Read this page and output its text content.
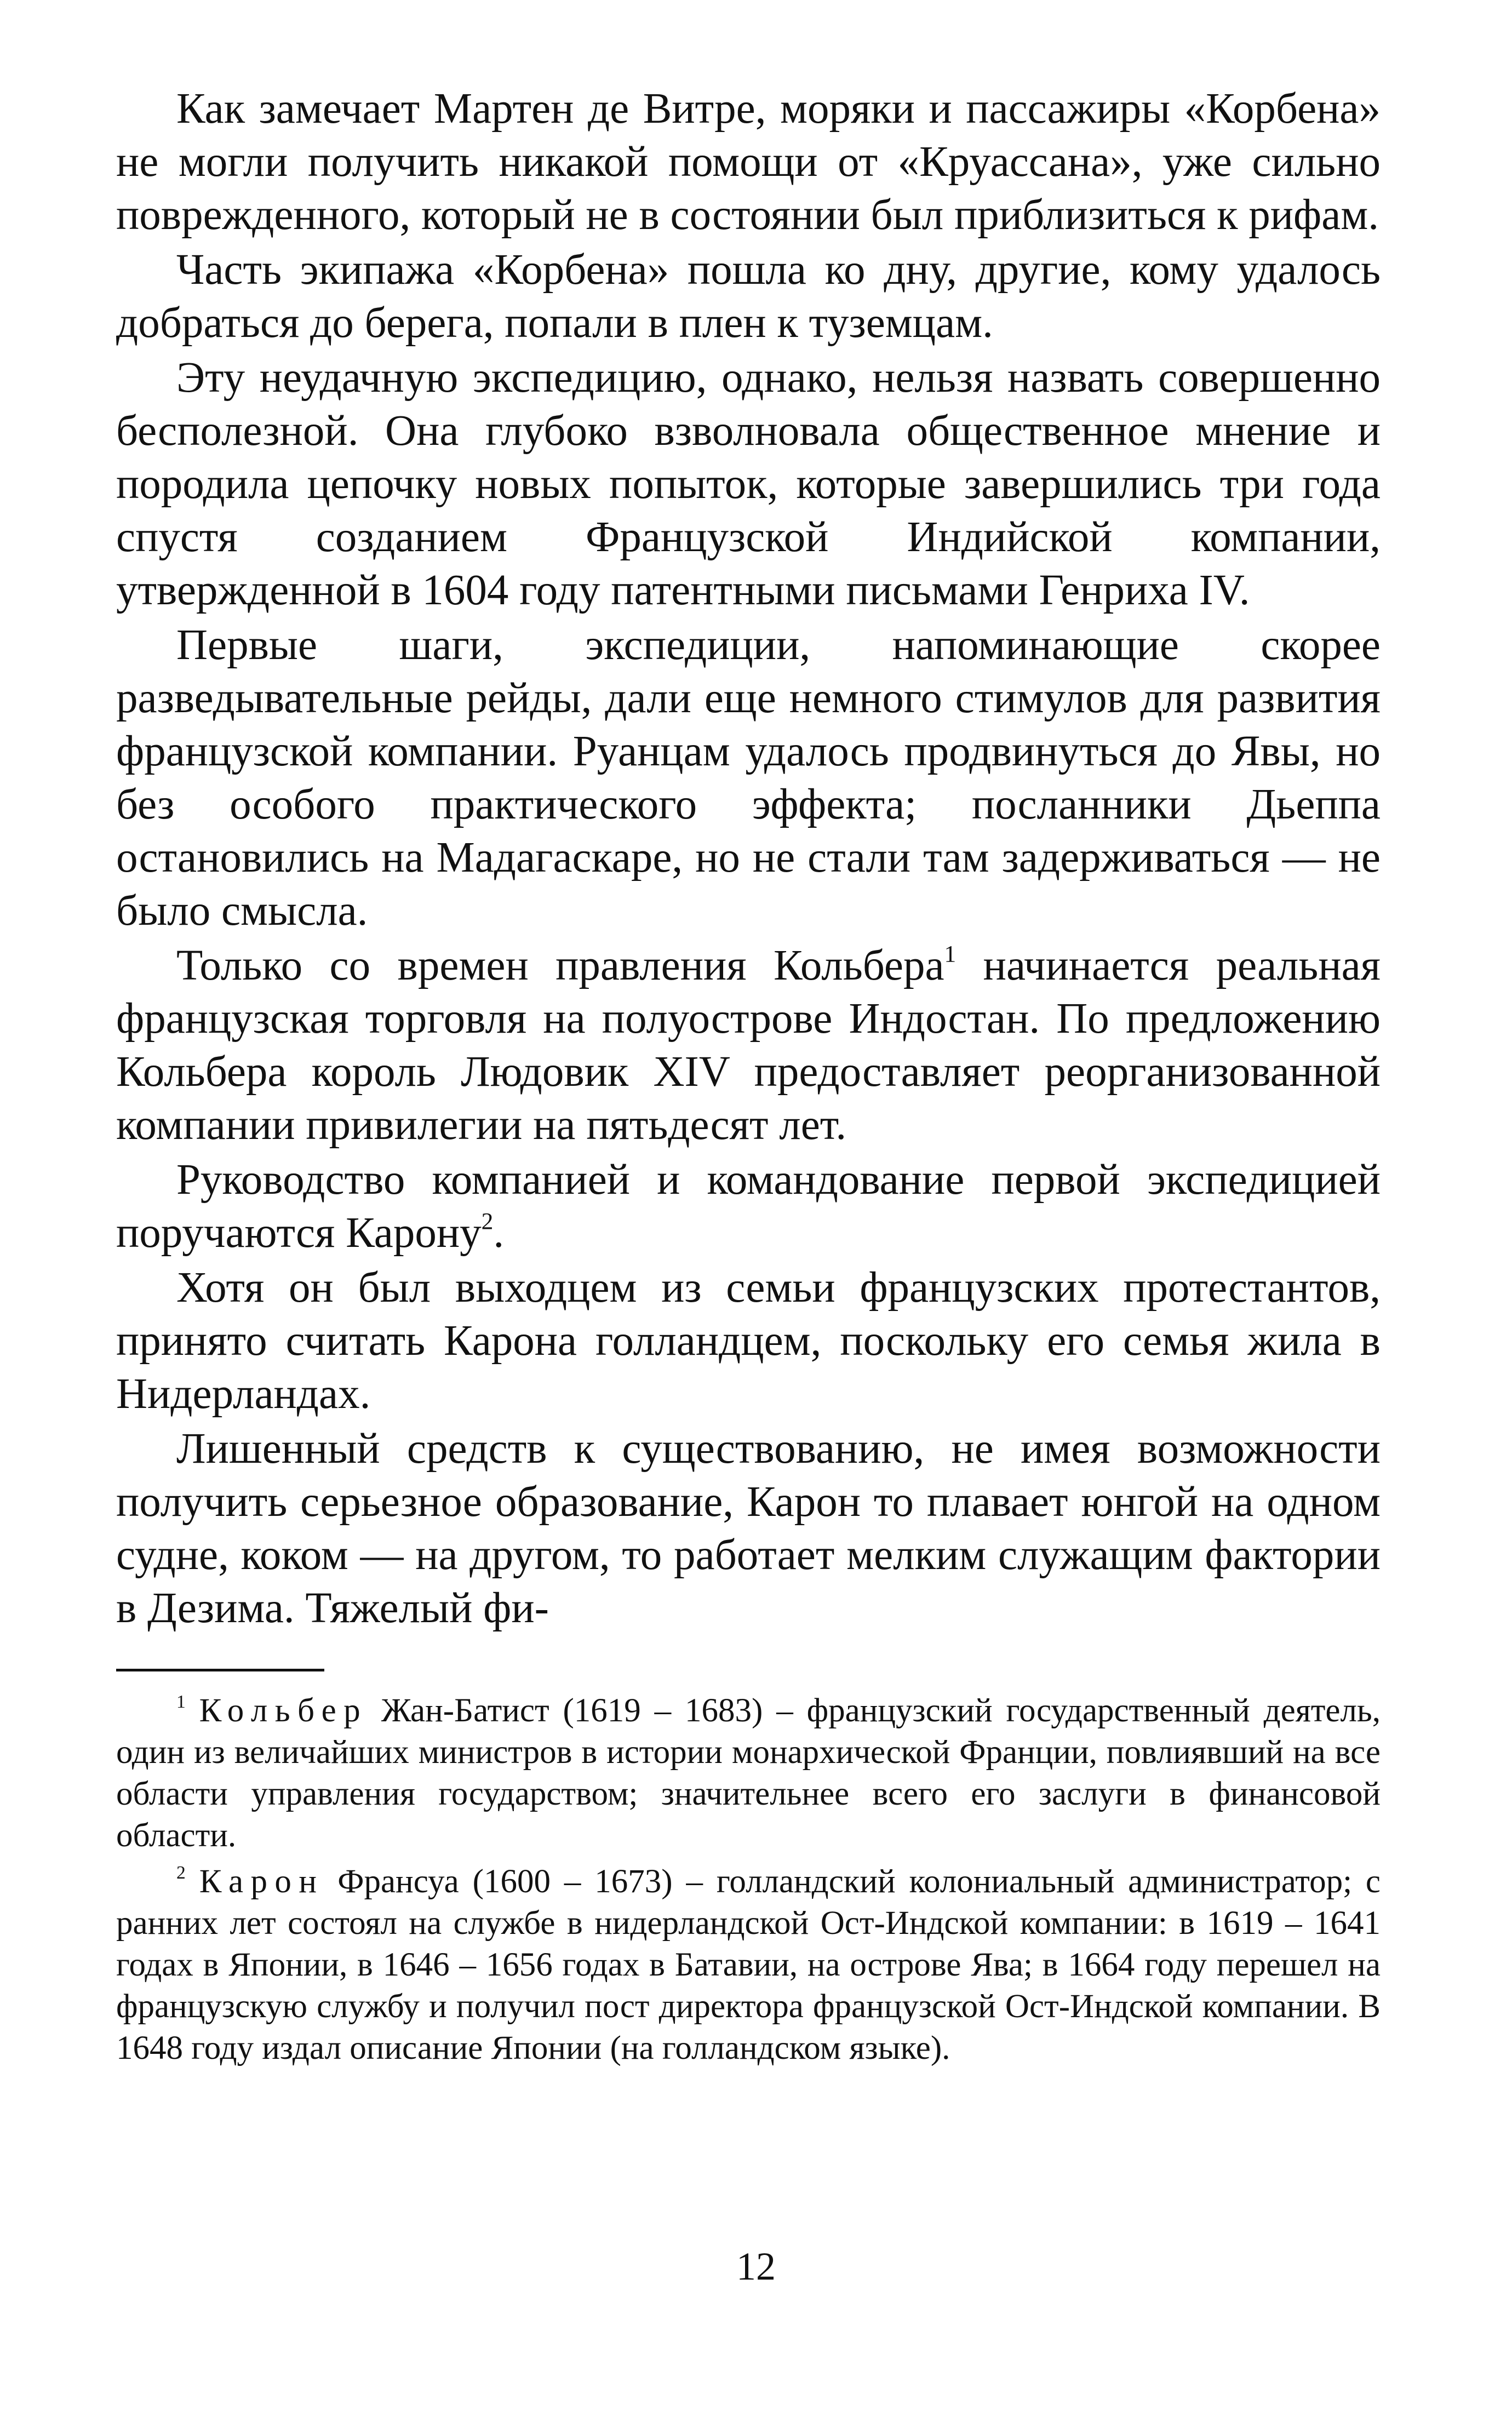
Как замечает Мартен де Витре, моряки и пассажиры «Корбена» не могли получить никакой помощи от «Круассана», уже сильно поврежденного, который не в состоянии был приблизиться к рифам.

Часть экипажа «Корбена» пошла ко дну, другие, кому удалось добраться до берега, попали в плен к туземцам.

Эту неудачную экспедицию, однако, нельзя назвать совершенно бесполезной. Она глубоко взволновала общественное мнение и породила цепочку новых попыток, которые завершились три года спустя созданием Французской Индийской компании, утвержденной в 1604 году патентными письмами Генриха IV.

Первые шаги, экспедиции, напоминающие скорее разведывательные рейды, дали еще немного стимулов для развития французской компании. Руанцам удалось продвинуться до Явы, но без особого практического эффекта; посланники Дьеппа остановились на Мадагаскаре, но не стали там задерживаться — не было смысла.

Только со времен правления Кольбера$^1$ начинается реальная французская торговля на полуострове Индостан. По предложению Кольбера король Людовик XIV предоставляет реорганизованной компании привилегии на пятьдесят лет.

Руководство компанией и командование первой экспедицией поручаются Карону$^2$.

Хотя он был выходцем из семьи французских протестантов, принято считать Карона голландцем, поскольку его семья жила в Нидерландах.

Лишенный средств к существованию, не имея возможности получить серьезное образование, Карон то плавает юнгой на одном судне, коком — на другом, то работает мелким служащим фактории в Дезима. Тяжелый фи-

$^1$ Кольбер Жан-Батист (1619 – 1683) – французский государственный деятель, один из величайших министров в истории монархической Франции, повлиявший на все области управления государством; значительнее всего его заслуги в финансовой области.

$^2$ Карон Франсуа (1600 – 1673) – голландский колониальный администратор; с ранних лет состоял на службе в нидерландской Ост-Индской компании: в 1619 – 1641 годах в Японии, в 1646 – 1656 годах в Батавии, на острове Ява; в 1664 году перешел на французскую службу и получил пост директора французской Ост-Индской компании. В 1648 году издал описание Японии (на голландском языке).

12
